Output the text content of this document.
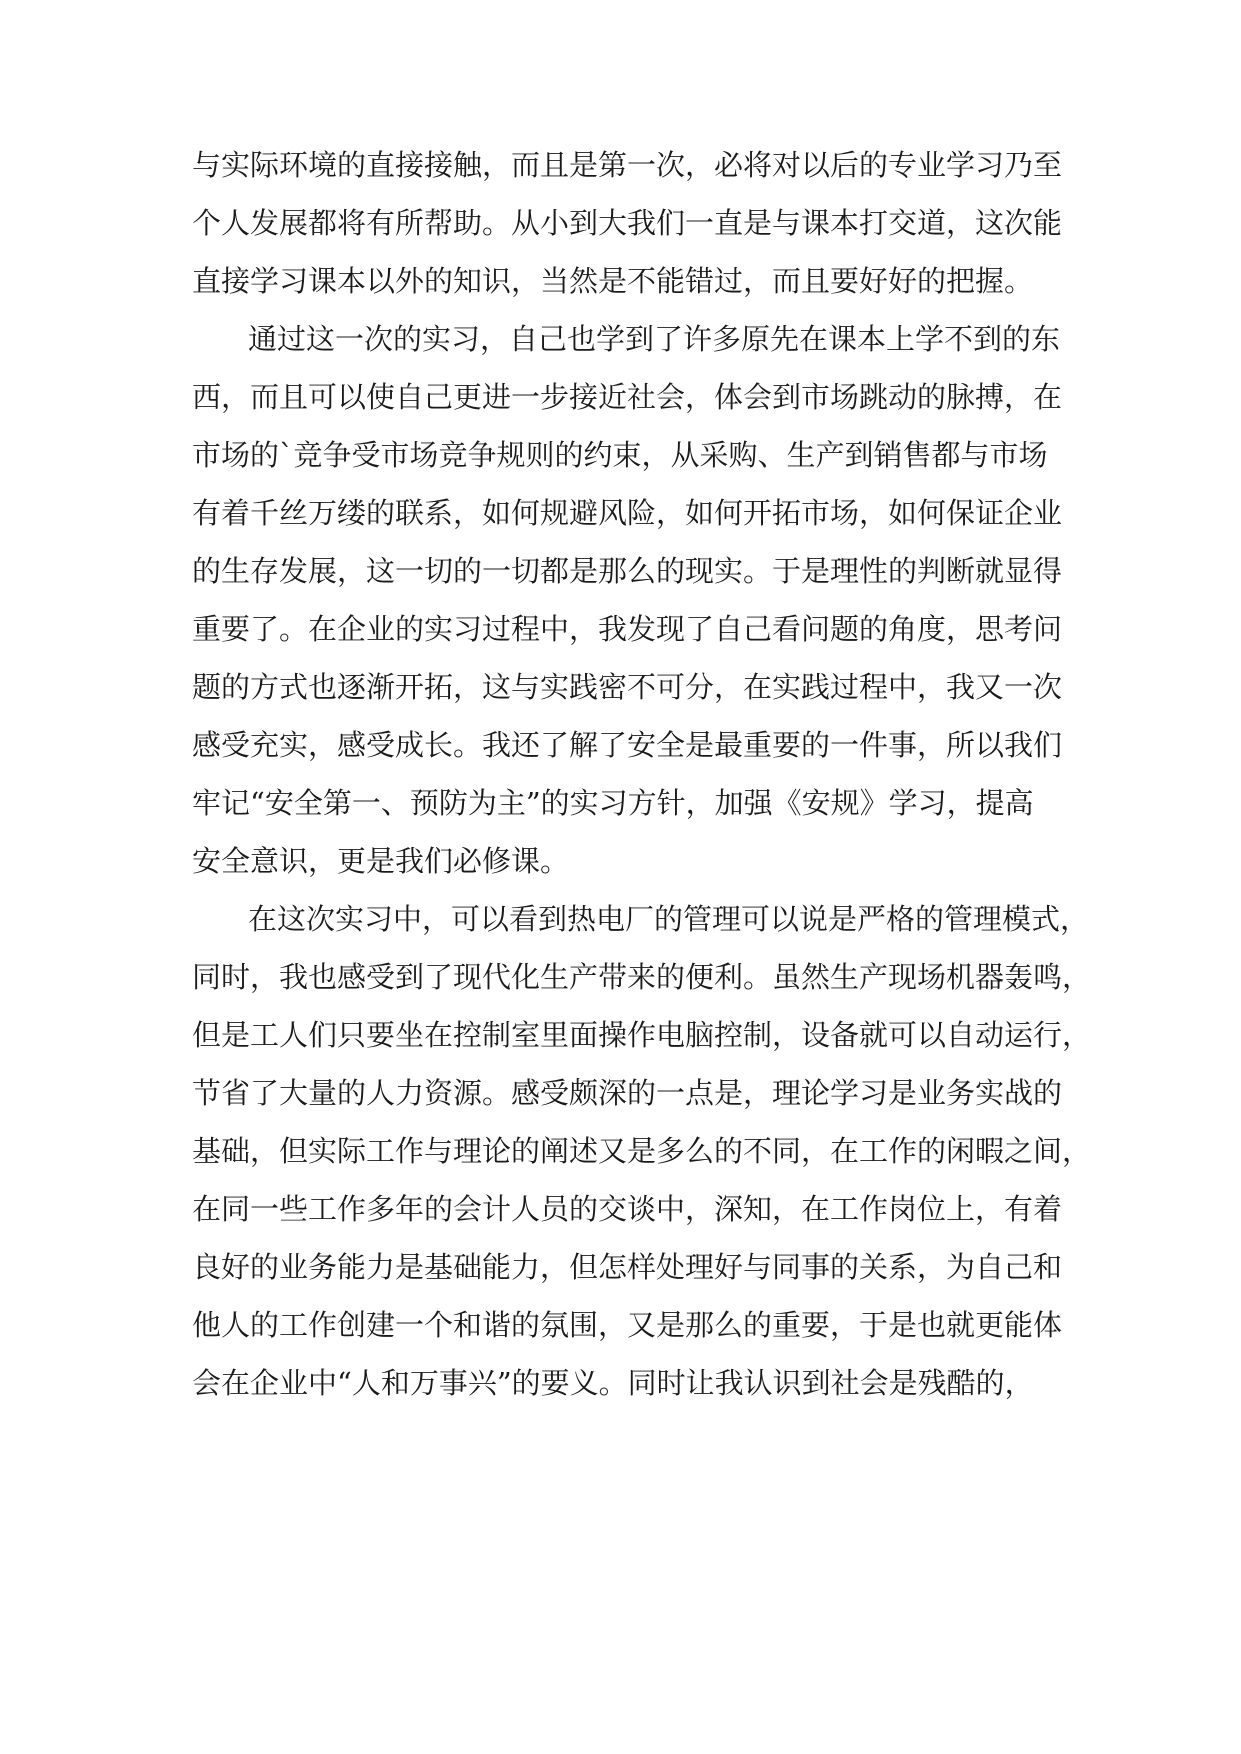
与实际环境的直接接触，而且是第一次，必将对以后的专业学习乃至
个人发展都将有所帮助。从小到大我们一直是与课本打交道，这次能
直接学习课本以外的知识，当然是不能错过，而且要好好的把握。
通过这一次的实习，自己也学到了许多原先在课本上学不到的东
西，而且可以使自己更进一步接近社会，体会到市场跳动的脉搏，在
市场的`竞争受市场竞争规则的约束，从采购、生产到销售都与市场
有着千丝万缕的联系，如何规避风险，如何开拓市场，如何保证企业
的生存发展，这一切的一切都是那么的现实。于是理性的判断就显得
重要了。在企业的实习过程中，我发现了自己看问题的角度，思考问
题的方式也逐渐开拓，这与实践密不可分，在实践过程中，我又一次
感受充实，感受成长。我还了解了安全是最重要的一件事，所以我们
牢记“安全第一、预防为主”的实习方针，加强《安规》学习，提高
安全意识，更是我们必修课。
在这次实习中，可以看到热电厂的管理可以说是严格的管理模式，
同时，我也感受到了现代化生产带来的便利。虽然生产现场机器轰鸣，
但是工人们只要坐在控制室里面操作电脑控制，设备就可以自动运行，
节省了大量的人力资源。感受颇深的一点是，理论学习是业务实战的
基础，但实际工作与理论的阐述又是多么的不同，在工作的闲暇之间，
在同一些工作多年的会计人员的交谈中，深知，在工作岗位上，有着
良好的业务能力是基础能力，但怎样处理好与同事的关系，为自己和
他人的工作创建一个和谐的氛围，又是那么的重要，于是也就更能体
会在企业中“人和万事兴”的要义。同时让我认识到社会是残酷的，
